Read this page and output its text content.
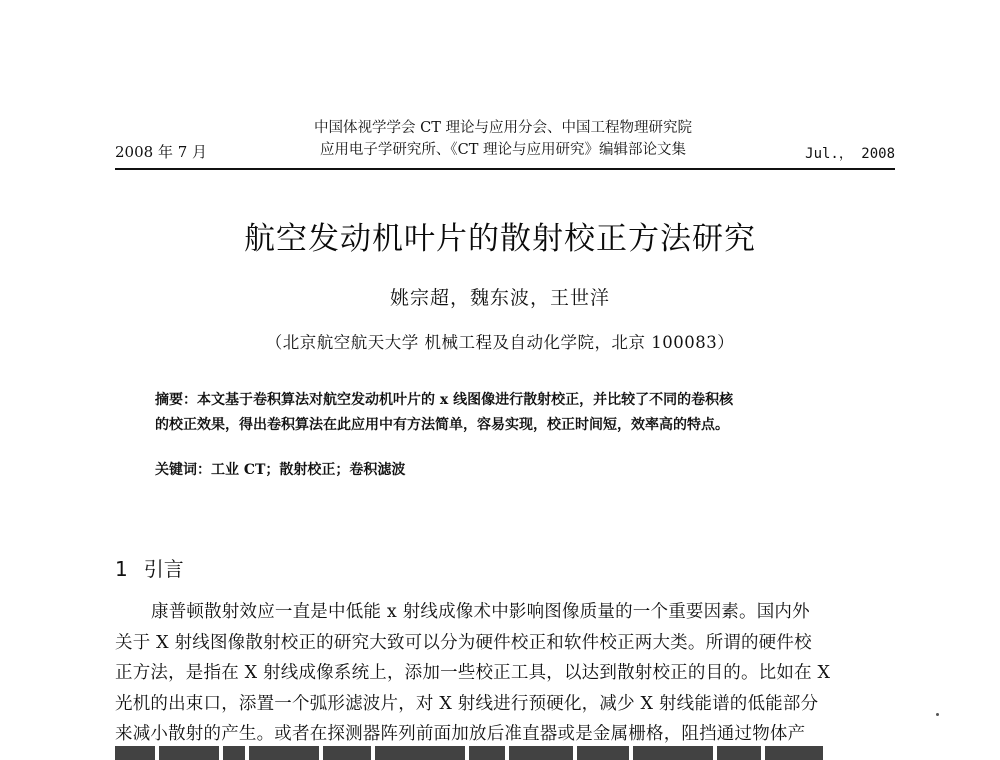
2008 年 7 月
中国体视学学会 CT 理论与应用分会、中国工程物理研究院
应用电子学研究所、《CT 理论与应用研究》编辑部论文集	Jul.， 2008
航空发动机叶片的散射校正方法研究
姚宗超，魏东波，王世洋
（北京航空航天大学 机械工程及自动化学院，北京 100083）
摘要：本文基于卷积算法对航空发动机叶片的 x 线图像进行散射校正，并比较了不同的卷积核
的校正效果，得出卷积算法在此应用中有方法简单，容易实现，校正时间短，效率高的特点。
关键词：工业 CT；散射校正；卷积滤波
1 引言
康普顿散射效应一直是中低能 x 射线成像术中影响图像质量的一个重要因素。国内外
关于 X 射线图像散射校正的研究大致可以分为硬件校正和软件校正两大类。所谓的硬件校
正方法，是指在 X 射线成像系统上，添加一些校正工具，以达到散射校正的目的。比如在 X
光机的出束口，添置一个弧形滤波片，对 X 射线进行预硬化，减少 X 射线能谱的低能部分
来减小散射的产生。或者在探测器阵列前面加放后准直器或是金属栅格，阻挡通过物体产
